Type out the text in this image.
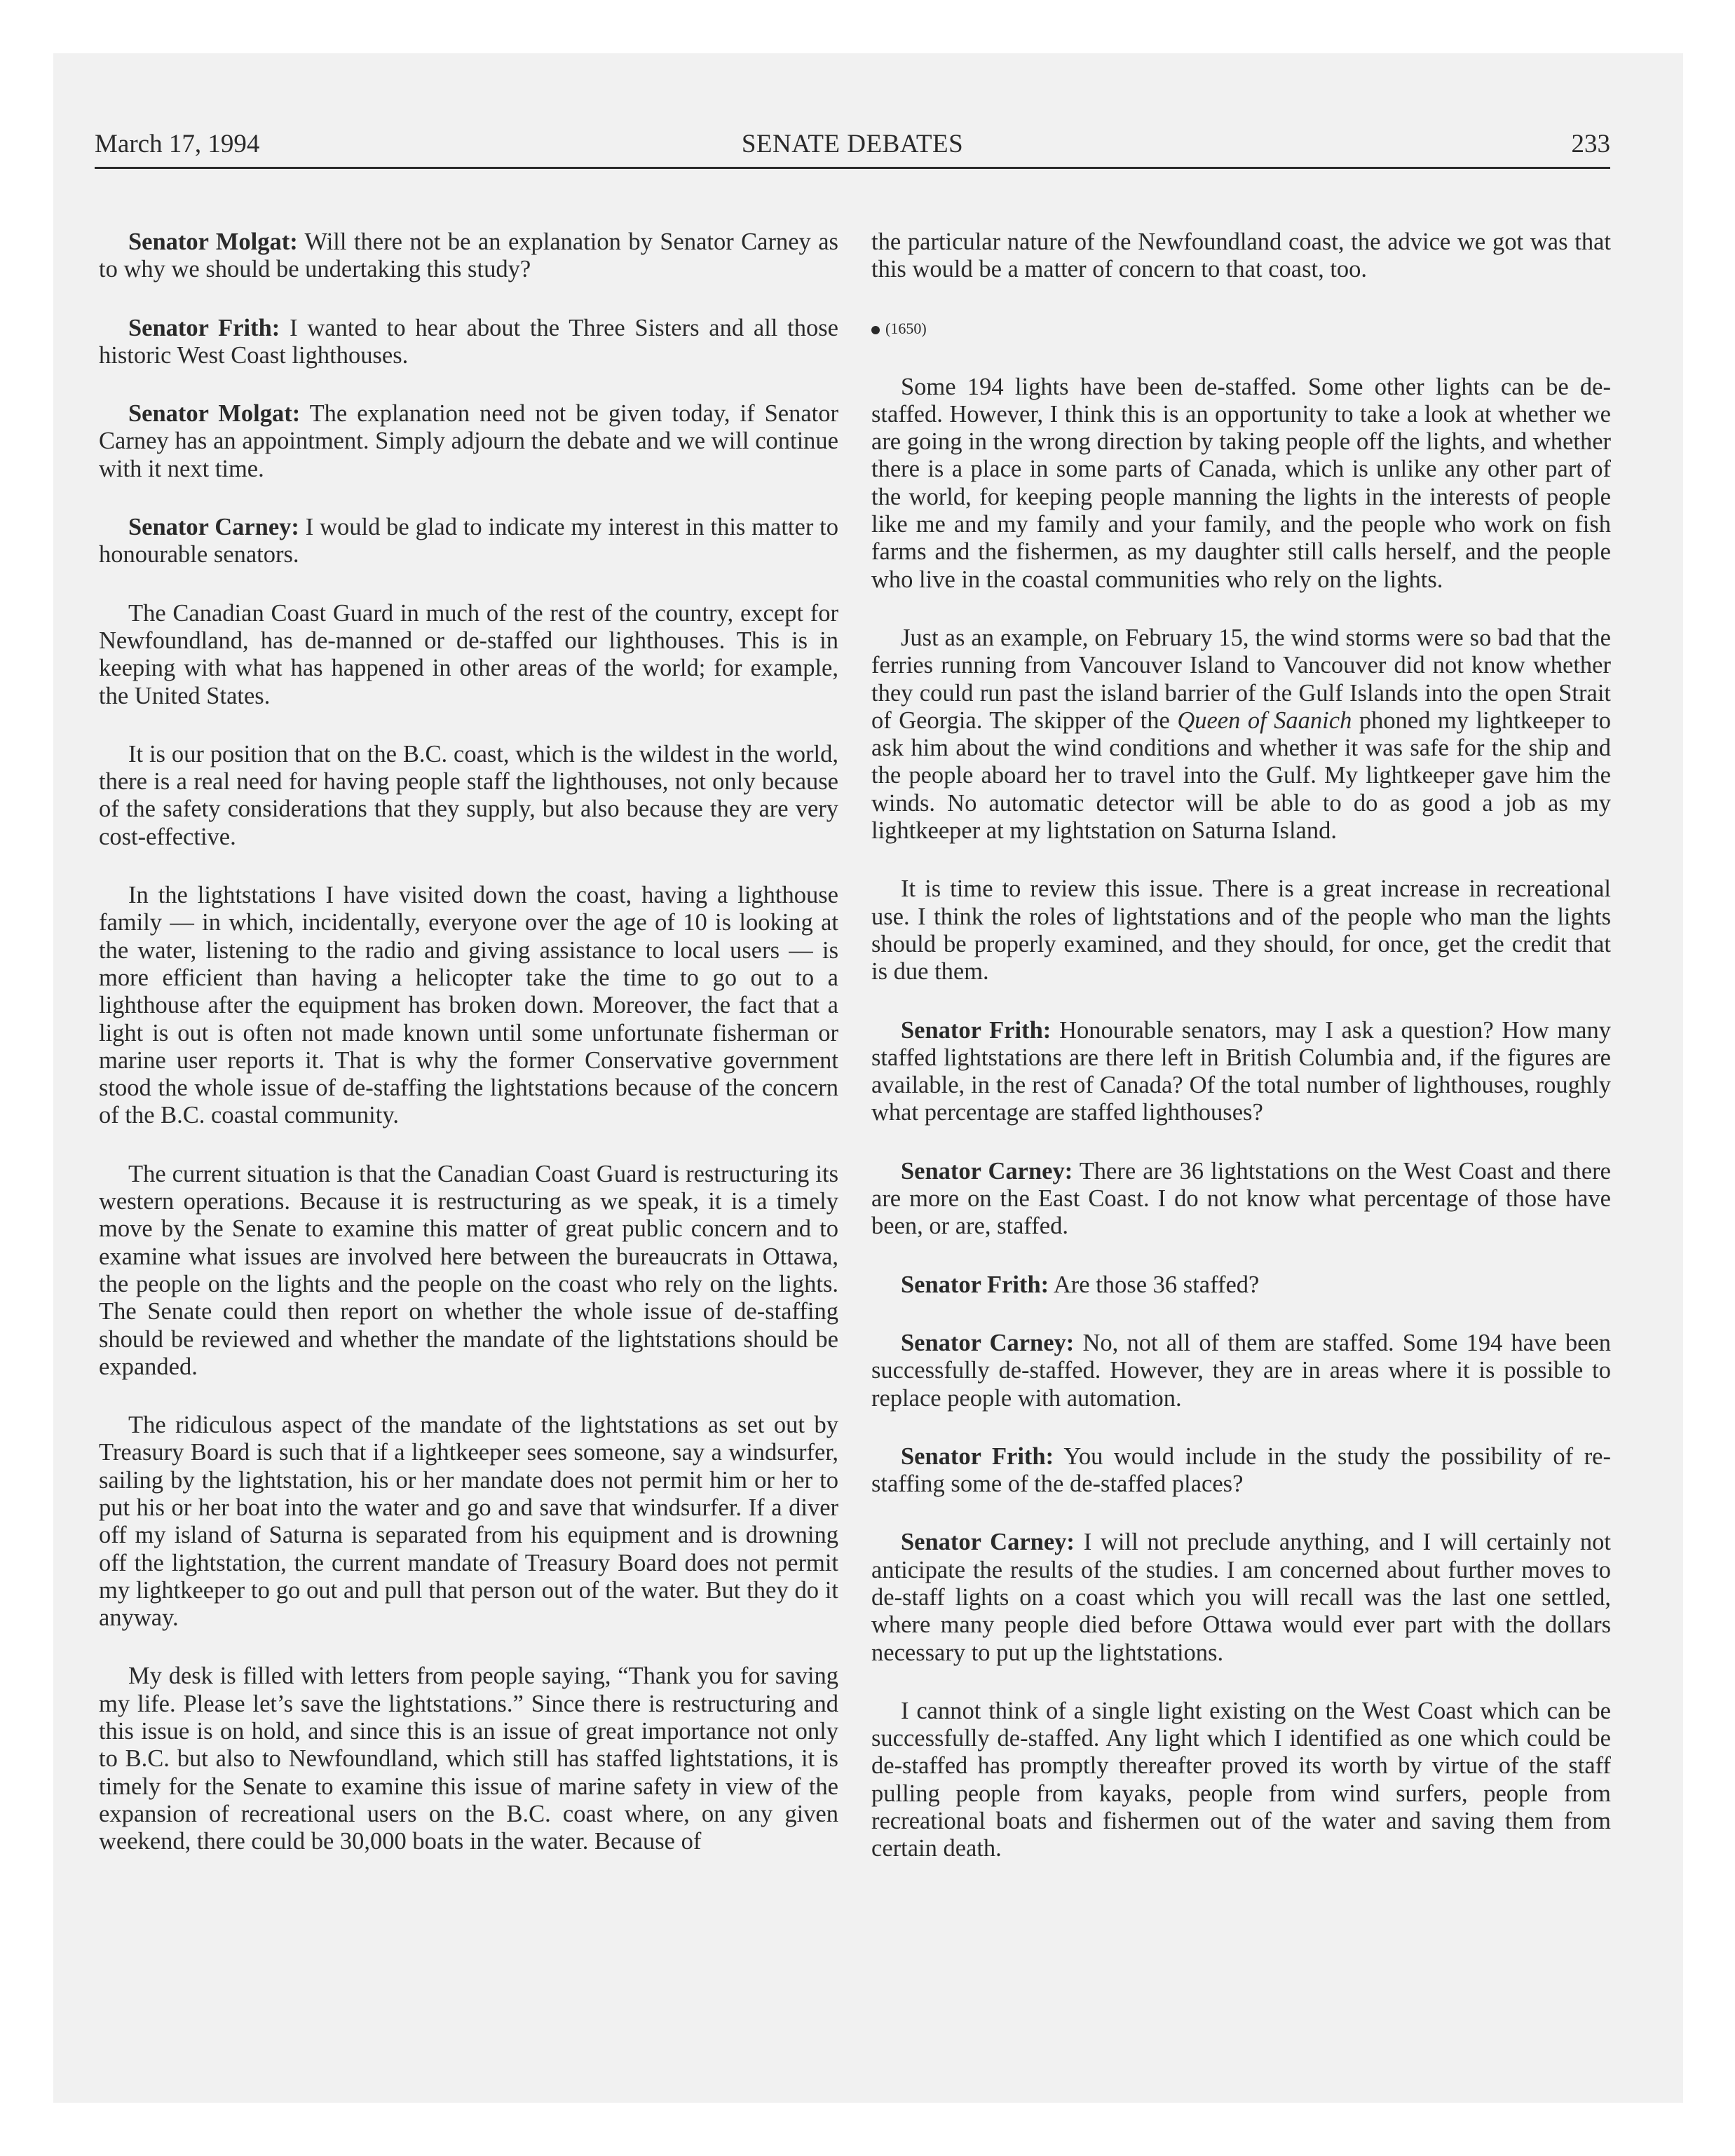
March 17, 1994	SENATE DEBATES	233

Senator Molgat: Will there not be an explanation by Senator Carney as to why we should be undertaking this study?

Senator Frith: I wanted to hear about the Three Sisters and all those historic West Coast lighthouses.

Senator Molgat: The explanation need not be given today, if Senator Carney has an appointment. Simply adjourn the debate and we will continue with it next time.

Senator Carney: I would be glad to indicate my interest in this matter to honourable senators.

The Canadian Coast Guard in much of the rest of the country, except for Newfoundland, has de-manned or de-staffed our lighthouses. This is in keeping with what has happened in other areas of the world; for example, the United States.

It is our position that on the B.C. coast, which is the wildest in the world, there is a real need for having people staff the lighthouses, not only because of the safety considerations that they supply, but also because they are very cost-effective.

In the lightstations I have visited down the coast, having a lighthouse family — in which, incidentally, everyone over the age of 10 is looking at the water, listening to the radio and giving assistance to local users — is more efficient than having a helicopter take the time to go out to a lighthouse after the equipment has broken down. Moreover, the fact that a light is out is often not made known until some unfortunate fisherman or marine user reports it. That is why the former Conservative government stood the whole issue of de-staffing the lightstations because of the concern of the B.C. coastal community.

The current situation is that the Canadian Coast Guard is restructuring its western operations. Because it is restructuring as we speak, it is a timely move by the Senate to examine this matter of great public concern and to examine what issues are involved here between the bureaucrats in Ottawa, the people on the lights and the people on the coast who rely on the lights. The Senate could then report on whether the whole issue of de-staffing should be reviewed and whether the mandate of the lightstations should be expanded.

The ridiculous aspect of the mandate of the lightstations as set out by Treasury Board is such that if a lightkeeper sees someone, say a windsurfer, sailing by the lightstation, his or her mandate does not permit him or her to put his or her boat into the water and go and save that windsurfer. If a diver off my island of Saturna is separated from his equipment and is drowning off the lightstation, the current mandate of Treasury Board does not permit my lightkeeper to go out and pull that person out of the water. But they do it anyway.

My desk is filled with letters from people saying, “Thank you for saving my life. Please let’s save the lightstations.” Since there is restructuring and this issue is on hold, and since this is an issue of great importance not only to B.C. but also to Newfoundland, which still has staffed lightstations, it is timely for the Senate to examine this issue of marine safety in view of the expansion of recreational users on the B.C. coast where, on any given weekend, there could be 30,000 boats in the water. Because of

the particular nature of the Newfoundland coast, the advice we got was that this would be a matter of concern to that coast, too.

(1650)

Some 194 lights have been de-staffed. Some other lights can be de-staffed. However, I think this is an opportunity to take a look at whether we are going in the wrong direction by taking people off the lights, and whether there is a place in some parts of Canada, which is unlike any other part of the world, for keeping people manning the lights in the interests of people like me and my family and your family, and the people who work on fish farms and the fishermen, as my daughter still calls herself, and the people who live in the coastal communities who rely on the lights.

Just as an example, on February 15, the wind storms were so bad that the ferries running from Vancouver Island to Vancouver did not know whether they could run past the island barrier of the Gulf Islands into the open Strait of Georgia. The skipper of the Queen of Saanich phoned my lightkeeper to ask him about the wind conditions and whether it was safe for the ship and the people aboard her to travel into the Gulf. My lightkeeper gave him the winds. No automatic detector will be able to do as good a job as my lightkeeper at my lightstation on Saturna Island.

It is time to review this issue. There is a great increase in recreational use. I think the roles of lightstations and of the people who man the lights should be properly examined, and they should, for once, get the credit that is due them.

Senator Frith: Honourable senators, may I ask a question? How many staffed lightstations are there left in British Columbia and, if the figures are available, in the rest of Canada? Of the total number of lighthouses, roughly what percentage are staffed lighthouses?

Senator Carney: There are 36 lightstations on the West Coast and there are more on the East Coast. I do not know what percentage of those have been, or are, staffed.

Senator Frith: Are those 36 staffed?

Senator Carney: No, not all of them are staffed. Some 194 have been successfully de-staffed. However, they are in areas where it is possible to replace people with automation.

Senator Frith: You would include in the study the possibility of re-staffing some of the de-staffed places?

Senator Carney: I will not preclude anything, and I will certainly not anticipate the results of the studies. I am concerned about further moves to de-staff lights on a coast which you will recall was the last one settled, where many people died before Ottawa would ever part with the dollars necessary to put up the lightstations.

I cannot think of a single light existing on the West Coast which can be successfully de-staffed. Any light which I identified as one which could be de-staffed has promptly thereafter proved its worth by virtue of the staff pulling people from kayaks, people from wind surfers, people from recreational boats and fishermen out of the water and saving them from certain death.
